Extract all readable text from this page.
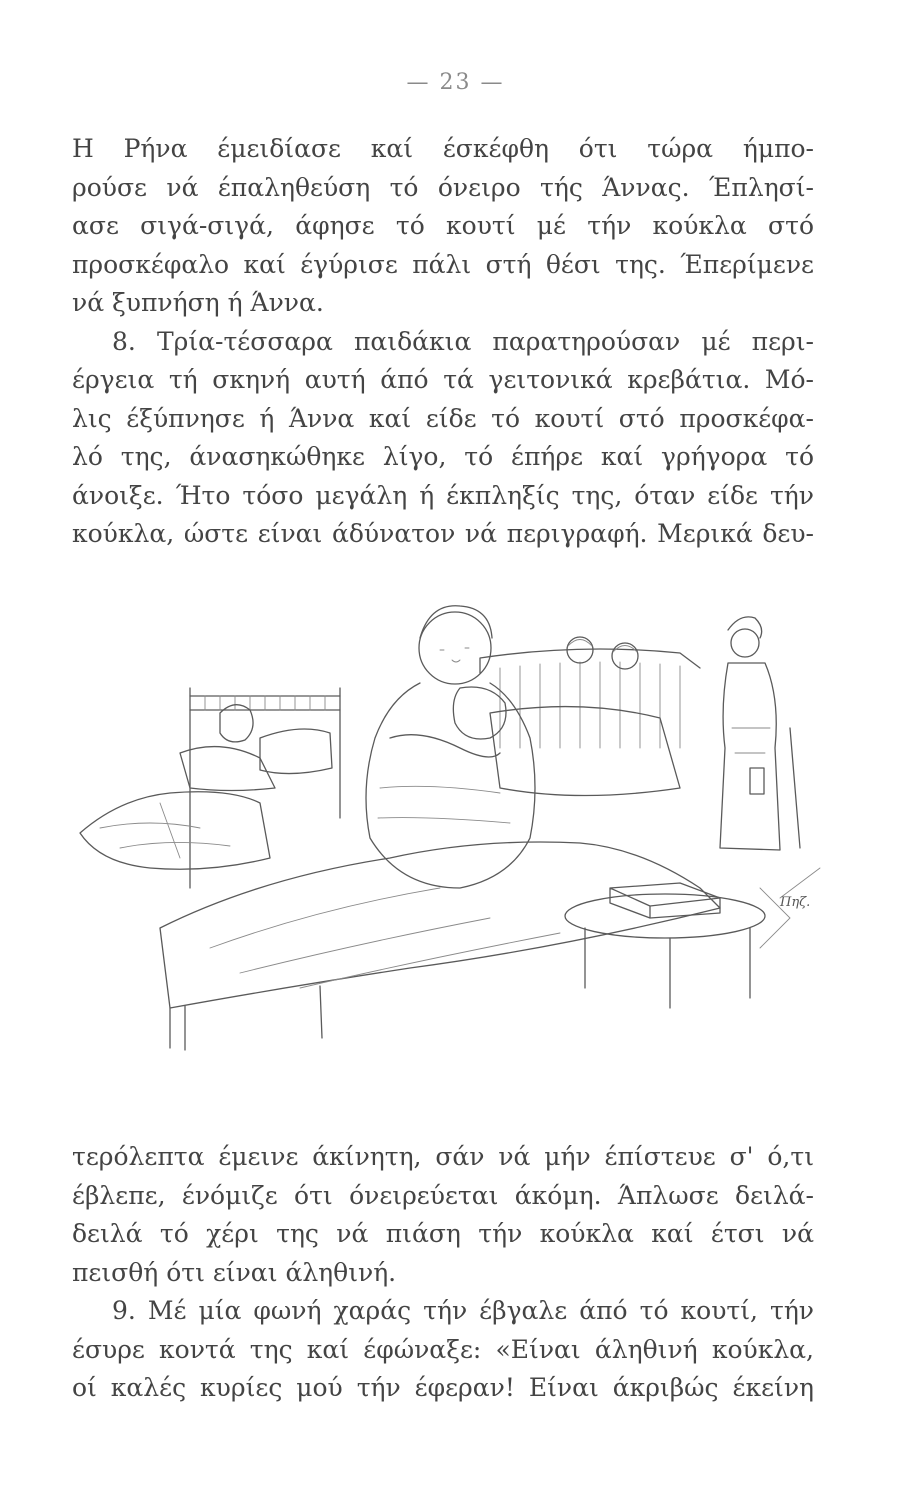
— 23 —
Η Ρήνα έμειδίασε καί έσκέφθη ότι τώρα ήμπο-
ρούσε νά έπαληθεύση τό όνειρο τής Άννας. Έπλησί-
ασε σιγά-σιγά, άφησε τό κουτί μέ τήν κούκλα στό
προσκέφαλο καί έγύρισε πάλι στή θέσι της. Έπερίμενε
νά ξυπνήση ή Άννα.
8. Τρία-τέσσαρα παιδάκια παρατηρούσαν μέ περι-
έργεια τή σκηνή αυτή άπό τά γειτονικά κρεβάτια. Μό-
λις έξύπνησε ή Άννα καί είδε τό κουτί στό προσκέφα-
λό της, άνασηκώθηκε λίγο, τό έπήρε καί γρήγορα τό
άνοιξε. Ήτο τόσο μεγάλη ή έκπληξίς της, όταν είδε τήν
κούκλα, ώστε είναι άδύνατον νά περιγραφή. Μερικά δευ-
Πηζ.
τερόλεπτα έμεινε άκίνητη, σάν νά μήν έπίστευε σ' ό,τι
έβλεπε, ένόμιζε ότι όνειρεύεται άκόμη. Άπλωσε δειλά-
δειλά τό χέρι της νά πιάση τήν κούκλα καί έτσι νά
πεισθή ότι είναι άληθινή.
9. Μέ μία φωνή χαράς τήν έβγαλε άπό τό κουτί, τήν
έσυρε κοντά της καί έφώναξε: «Είναι άληθινή κούκλα,
οί καλές κυρίες μού τήν έφεραν! Είναι άκριβώς έκείνη
